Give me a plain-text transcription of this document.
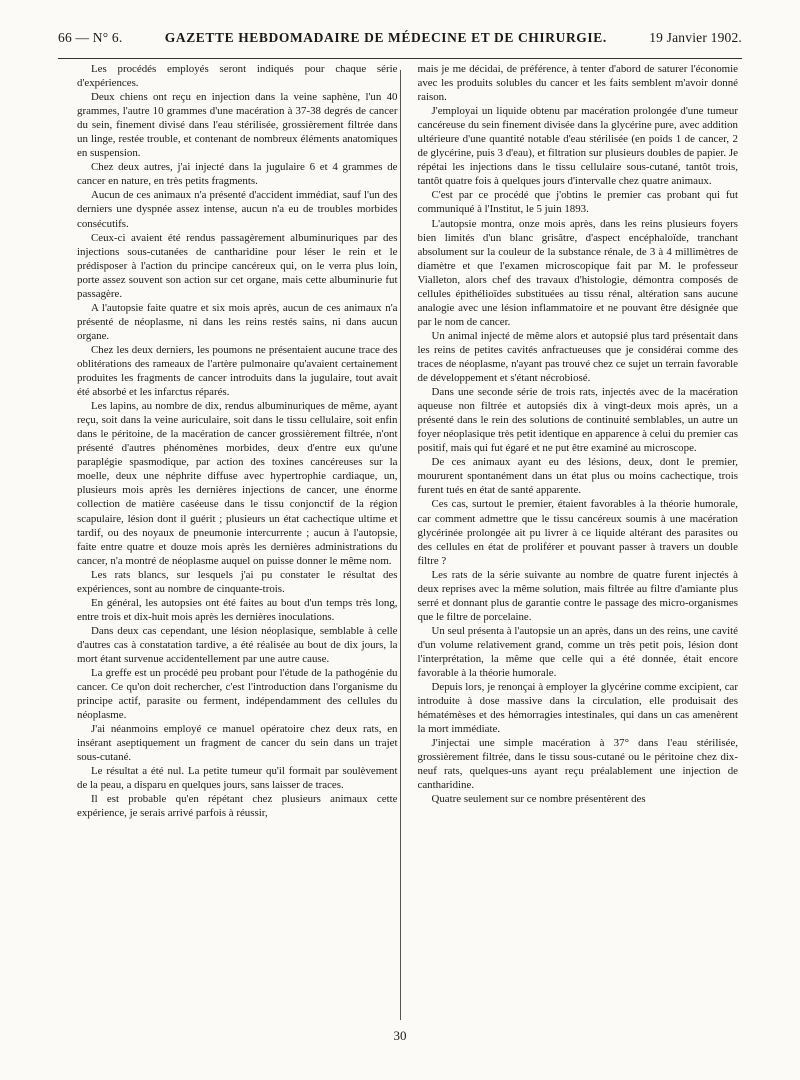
66 — N° 6.	GAZETTE HEBDOMADAIRE DE MÉDECINE ET DE CHIRURGIE.	19 Janvier 1902.

Les procédés employés seront indiqués pour chaque série d'expériences.

Deux chiens ont reçu en injection dans la veine saphène, l'un 40 grammes, l'autre 10 grammes d'une macération à 37-38 degrés de cancer du sein, finement divisé dans l'eau stérilisée, grossièrement filtrée dans un linge, restée trouble, et contenant de nombreux éléments anatomiques en suspension.

Chez deux autres, j'ai injecté dans la jugulaire 6 et 4 grammes de cancer en nature, en très petits fragments.

Aucun de ces animaux n'a présenté d'accident immédiat, sauf l'un des derniers une dyspnée assez intense, aucun n'a eu de troubles morbides consécutifs.

Ceux-ci avaient été rendus passagèrement albuminuriques par des injections sous-cutanées de cantharidine pour léser le rein et le prédisposer à l'action du principe cancéreux qui, on le verra plus loin, porte assez souvent son action sur cet organe, mais cette albuminurie fut passagère.

A l'autopsie faite quatre et six mois après, aucun de ces animaux n'a présenté de néoplasme, ni dans les reins restés sains, ni dans aucun organe.

Chez les deux derniers, les poumons ne présentaient aucune trace des oblitérations des rameaux de l'artère pulmonaire qu'avaient certainement produites les fragments de cancer introduits dans la jugulaire, tout avait été absorbé et les infarctus réparés.

Les lapins, au nombre de dix, rendus albuminuriques de même, ayant reçu, soit dans la veine auriculaire, soit dans le tissu cellulaire, soit enfin dans le péritoine, de la macération de cancer grossièrement filtrée, n'ont présenté d'autres phénomènes morbides, deux d'entre eux qu'une paraplégie spasmodique, par action des toxines cancéreuses sur la moelle, deux une néphrite diffuse avec hypertrophie cardiaque, un, plusieurs mois après les dernières injections de cancer, une énorme collection de matière caséeuse dans le tissu conjonctif de la région scapulaire, lésion dont il guérit ; plusieurs un état cachectique ultime et tardif, ou des noyaux de pneumonie intercurrente ; aucun à l'autopsie, faite entre quatre et douze mois après les dernières administrations du cancer, n'a montré de néoplasme auquel on puisse donner le même nom.

Les rats blancs, sur lesquels j'ai pu constater le résultat des expériences, sont au nombre de cinquante-trois.

En général, les autopsies ont été faites au bout d'un temps très long, entre trois et dix-huit mois après les dernières inoculations.

Dans deux cas cependant, une lésion néoplasique, semblable à celle d'autres cas à constatation tardive, a été réalisée au bout de dix jours, la mort étant survenue accidentellement par une autre cause.

La greffe est un procédé peu probant pour l'étude de la pathogénie du cancer. Ce qu'on doit rechercher, c'est l'introduction dans l'organisme du principe actif, parasite ou ferment, indépendamment des cellules du néoplasme.

J'ai néanmoins employé ce manuel opératoire chez deux rats, en insérant aseptiquement un fragment de cancer du sein dans un trajet sous-cutané.

Le résultat a été nul. La petite tumeur qu'il formait par soulèvement de la peau, a disparu en quelques jours, sans laisser de traces.

Il est probable qu'en répétant chez plusieurs animaux cette expérience, je serais arrivé parfois à réussir,

mais je me décidai, de préférence, à tenter d'abord de saturer l'économie avec les produits solubles du cancer et les faits semblent m'avoir donné raison.

J'employai un liquide obtenu par macération prolongée d'une tumeur cancéreuse du sein finement divisée dans la glycérine pure, avec addition ultérieure d'une quantité notable d'eau stérilisée (en poids 1 de cancer, 2 de glycérine, puis 3 d'eau), et filtration sur plusieurs doubles de papier. Je répétai les injections dans le tissu cellulaire sous-cutané, tantôt trois, tantôt quatre fois à quelques jours d'intervalle chez quatre animaux.

C'est par ce procédé que j'obtins le premier cas probant qui fut communiqué à l'Institut, le 5 juin 1893.

L'autopsie montra, onze mois après, dans les reins plusieurs foyers bien limités d'un blanc grisâtre, d'aspect encéphaloïde, tranchant absolument sur la couleur de la substance rénale, de 3 à 4 millimètres de diamètre et que l'examen microscopique fait par M. le professeur Vialleton, alors chef des travaux d'histologie, démontra composés de cellules épithélioïdes substituées au tissu rénal, altération sans aucune analogie avec une lésion inflammatoire et ne pouvant être désignée que par le nom de cancer.

Un animal injecté de même alors et autopsié plus tard présentait dans les reins de petites cavités anfractueuses que je considérai comme des traces de néoplasme, n'ayant pas trouvé chez ce sujet un terrain favorable de développement et s'étant nécrobiosé.

Dans une seconde série de trois rats, injectés avec de la macération aqueuse non filtrée et autopsiés dix à vingt-deux mois après, un a présenté dans le rein des solutions de continuité semblables, un autre un foyer néoplasique très petit identique en apparence à celui du premier cas positif, mais qui fut égaré et ne put être examiné au microscope.

De ces animaux ayant eu des lésions, deux, dont le premier, moururent spontanément dans un état plus ou moins cachectique, trois furent tués en état de santé apparente.

Ces cas, surtout le premier, étaient favorables à la théorie humorale, car comment admettre que le tissu cancéreux soumis à une macération glycérinée prolongée ait pu livrer à ce liquide altérant des parasites ou des cellules en état de proliférer et pouvant passer à travers un double filtre ?

Les rats de la série suivante au nombre de quatre furent injectés à deux reprises avec la même solution, mais filtrée au filtre d'amiante plus serré et donnant plus de garantie contre le passage des micro-organismes que le filtre de porcelaine.

Un seul présenta à l'autopsie un an après, dans un des reins, une cavité d'un volume relativement grand, comme un très petit pois, lésion dont l'interprétation, la même que celle qui a été donnée, était encore favorable à la théorie humorale.

Depuis lors, je renonçai à employer la glycérine comme excipient, car introduite à dose massive dans la circulation, elle produisait des hématémèses et des hémorragies intestinales, qui dans un cas amenèrent la mort immédiate.

J'injectai une simple macération à 37° dans l'eau stérilisée, grossièrement filtrée, dans le tissu sous-cutané ou le péritoine chez dix-neuf rats, quelques-uns ayant reçu préalablement une injection de cantharidine.

Quatre seulement sur ce nombre présentèrent des

30
